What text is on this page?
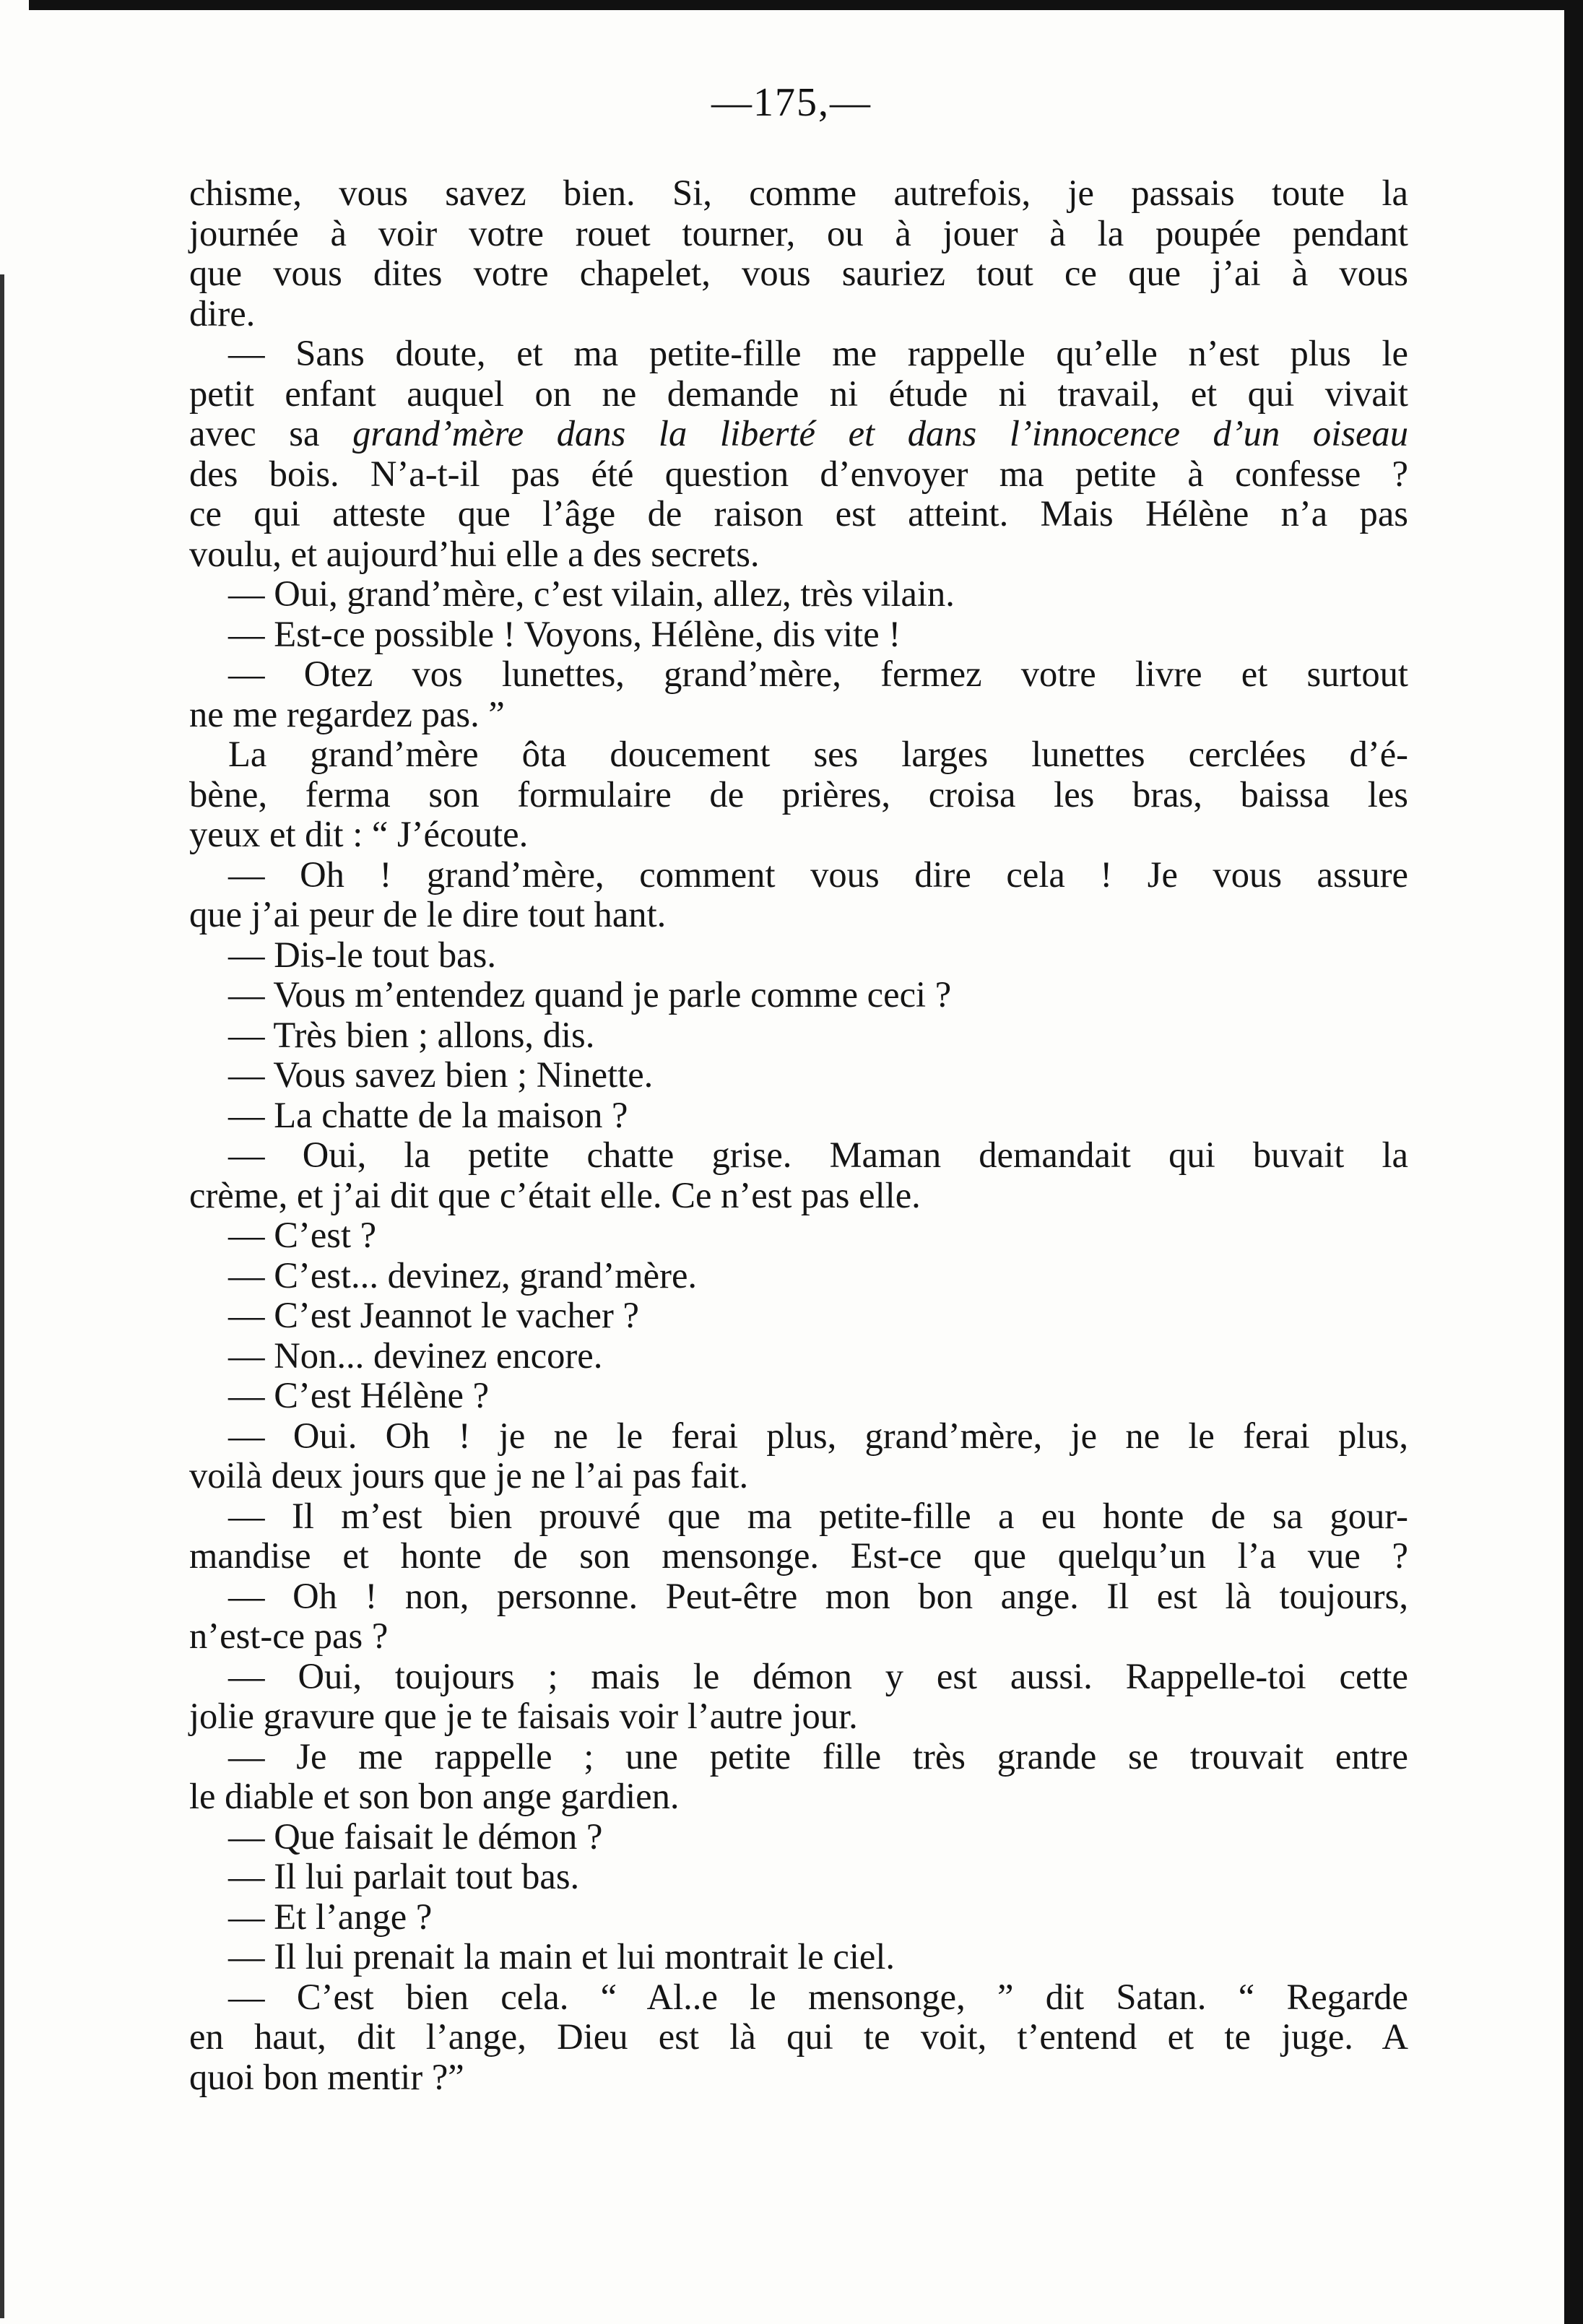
—175,—
chisme, vous savez bien. Si, comme autrefois, je passais toute la
journée à voir votre rouet tourner, ou à jouer à la poupée pendant
que vous dites votre chapelet, vous sauriez tout ce que j’ai à vous
dire.
— Sans doute, et ma petite-fille me rappelle qu’elle n’est plus le
petit enfant auquel on ne demande ni étude ni travail, et qui vivait
avec sa grand’mère dans la liberté et dans l’innocence d’un oiseau
des bois. N’a-t-il pas été question d’envoyer ma petite à confesse ?
ce qui atteste que l’âge de raison est atteint. Mais Hélène n’a pas
voulu, et aujourd’hui elle a des secrets.
— Oui, grand’mère, c’est vilain, allez, très vilain.
— Est-ce possible ! Voyons, Hélène, dis vite !
— Otez vos lunettes, grand’mère, fermez votre livre et surtout
ne me regardez pas. ”
La grand’mère ôta doucement ses larges lunettes cerclées d’é-
bène, ferma son formulaire de prières, croisa les bras, baissa les
yeux et dit : “ J’écoute.
— Oh ! grand’mère, comment vous dire cela ! Je vous assure
que j’ai peur de le dire tout hant.
— Dis-le tout bas.
— Vous m’entendez quand je parle comme ceci ?
— Très bien ; allons, dis.
— Vous savez bien ; Ninette.
— La chatte de la maison ?
— Oui, la petite chatte grise. Maman demandait qui buvait la
crème, et j’ai dit que c’était elle. Ce n’est pas elle.
— C’est ?
— C’est... devinez, grand’mère.
— C’est Jeannot le vacher ?
— Non... devinez encore.
— C’est Hélène ?
— Oui. Oh ! je ne le ferai plus, grand’mère, je ne le ferai plus,
voilà deux jours que je ne l’ai pas fait.
— Il m’est bien prouvé que ma petite-fille a eu honte de sa gour-
mandise et honte de son mensonge. Est-ce que quelqu’un l’a vue ?
— Oh ! non, personne. Peut-être mon bon ange. Il est là toujours,
n’est-ce pas ?
— Oui, toujours ; mais le démon y est aussi. Rappelle-toi cette
jolie gravure que je te faisais voir l’autre jour.
— Je me rappelle ; une petite fille très grande se trouvait entre
le diable et son bon ange gardien.
— Que faisait le démon ?
— Il lui parlait tout bas.
— Et l’ange ?
— Il lui prenait la main et lui montrait le ciel.
— C’est bien cela. “ Al..e le mensonge, ” dit Satan. “ Regarde
en haut, dit l’ange, Dieu est là qui te voit, t’entend et te juge. A
quoi bon mentir ?”
